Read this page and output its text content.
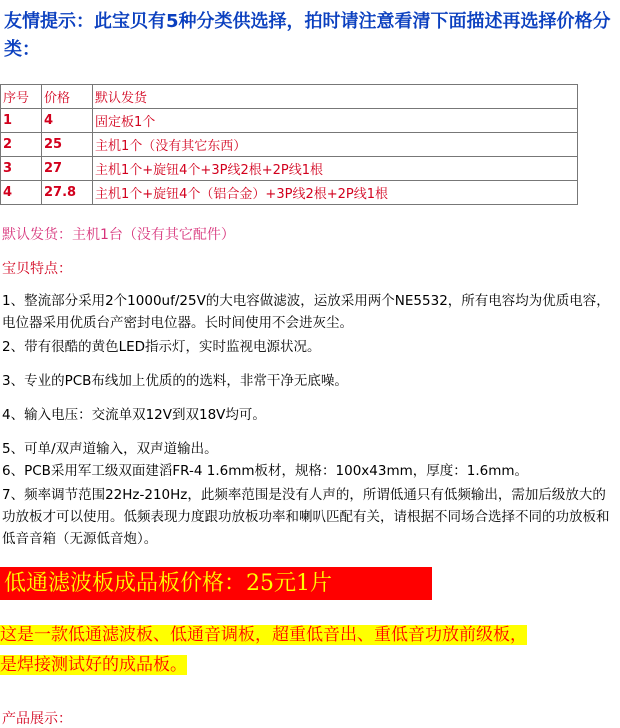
友情提示：此宝贝有5种分类供选择，拍时请注意看清下面描述再选择价格分类：
序号	价格	默认发货
1	4	固定板1个
2	25	主机1个（没有其它东西）
3	27	主机1个+旋钮4个+3P线2根+2P线1根
4	27.8	主机1个+旋钮4个（铝合金）+3P线2根+2P线1根
默认发货：主机1台（没有其它配件）
宝贝特点：
1、整流部分采用2个1000uf/25V的大电容做滤波，运放采用两个NE5532，所有电容均为优质电容，电位器采用优质台产密封电位器。长时间使用不会进灰尘。
2、带有很酷的黄色LED指示灯，实时监视电源状况。
3、专业的PCB布线加上优质的的选料，非常干净无底噪。
4、输入电压：交流单双12V到双18V均可。
5、可单/双声道输入，双声道输出。
6、PCB采用军工级双面建滔FR-4 1.6mm板材，规格：100x43mm，厚度：1.6mm。
7、频率调节范围22Hz-210Hz，此频率范围是没有人声的，所谓低通只有低频输出，需加后级放大的功放板才可以使用。低频表现力度跟功放板功率和喇叭匹配有关，请根据不同场合选择不同的功放板和低音音箱（无源低音炮）。
低通滤波板成品板价格：25元1片
这是一款低通滤波板、低通音调板，超重低音出、重低音功放前级板，
是焊接测试好的成品板。
产品展示：
